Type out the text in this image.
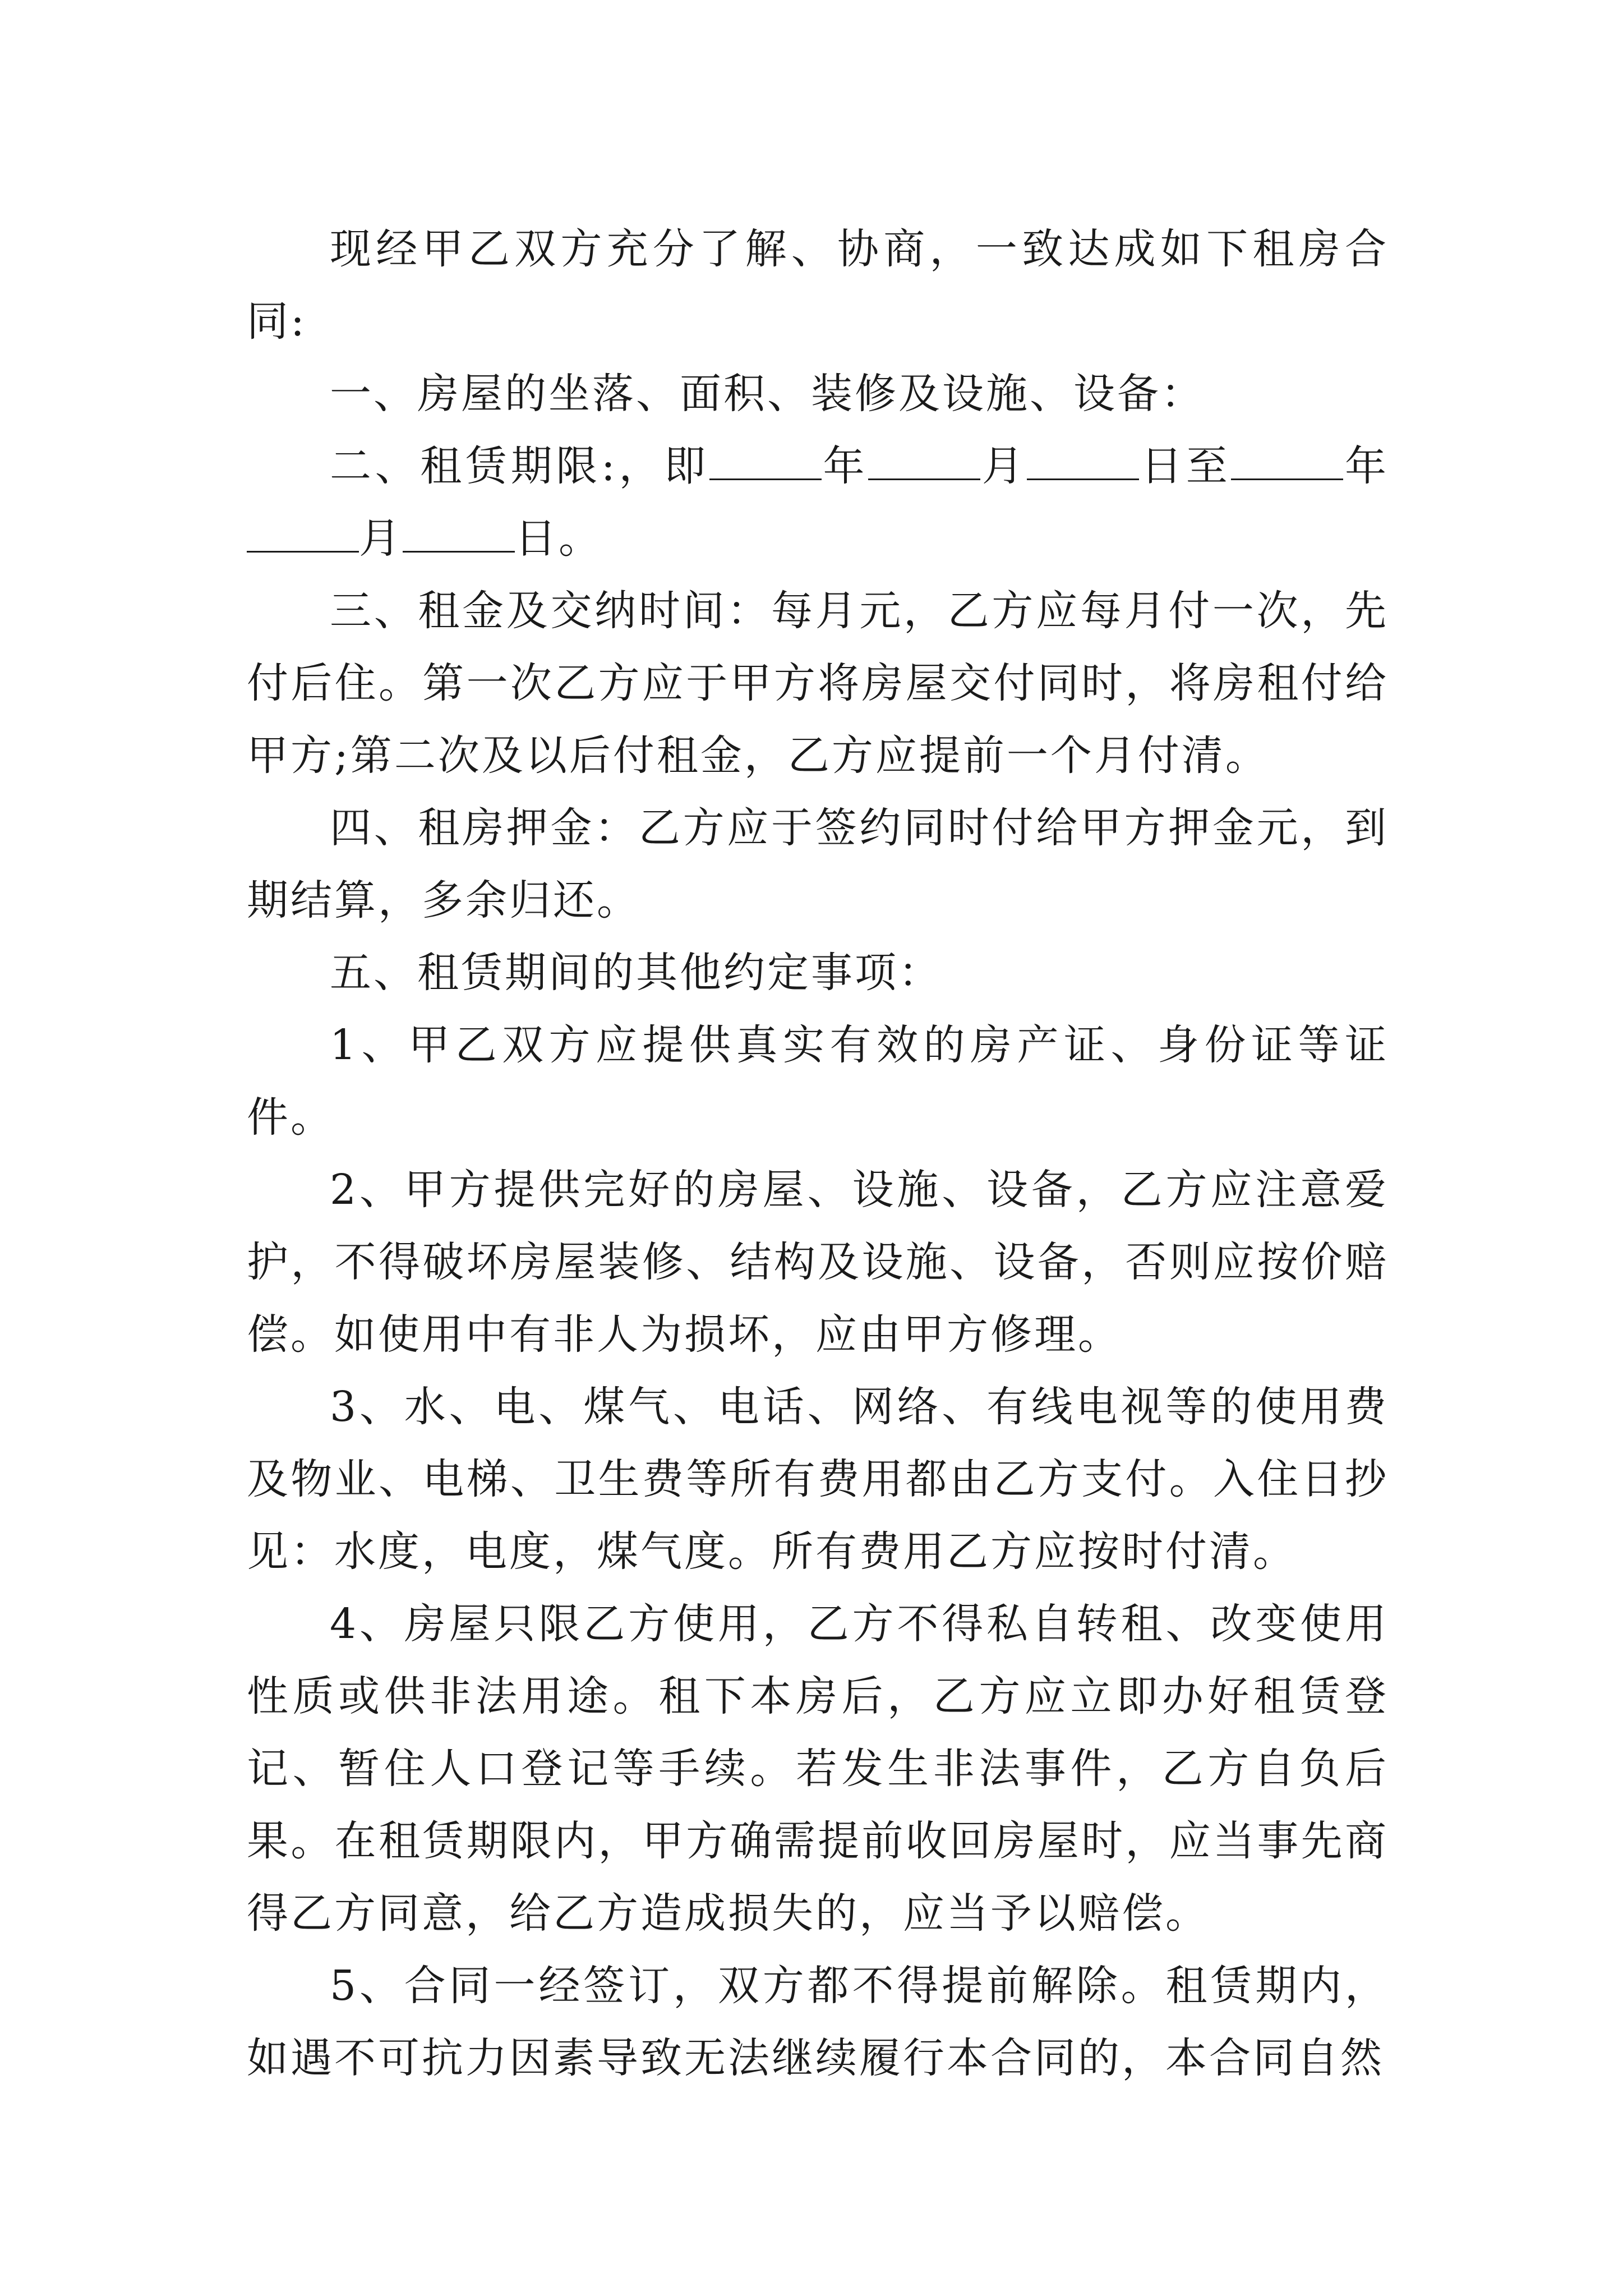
现经甲乙双方充分了解、协商，一致达成如下租房合同:

一、房屋的坐落、面积、装修及设施、设备：

二、租赁期限:，即	年	月	日至	年月	日。

三、租金及交纳时间：每月元，乙方应每月付一次，先付后住。第一次乙方应于甲方将房屋交付同时，将房租付给甲方;第二次及以后付租金，乙方应提前一个月付清。

四、租房押金：乙方应于签约同时付给甲方押金元，到期结算，多余归还。

五、租赁期间的其他约定事项：

1、甲乙双方应提供真实有效的房产证、身份证等证件。

2、甲方提供完好的房屋、设施、设备，乙方应注意爱护，不得破坏房屋装修、结构及设施、设备，否则应按价赔偿。如使用中有非人为损坏，应由甲方修理。

3、水、电、煤气、电话、网络、有线电视等的使用费及物业、电梯、卫生费等所有费用都由乙方支付。入住日抄见：水度，电度，煤气度。所有费用乙方应按时付清。

4、房屋只限乙方使用，乙方不得私自转租、改变使用性质或供非法用途。租下本房后，乙方应立即办好租赁登记、暂住人口登记等手续。若发生非法事件，乙方自负后果。在租赁期限内，甲方确需提前收回房屋时，应当事先商得乙方同意，给乙方造成损失的，应当予以赔偿。

5、合同一经签订，双方都不得提前解除。租赁期内，如遇不可抗力因素导致无法继续履行本合同的，本合同自然
